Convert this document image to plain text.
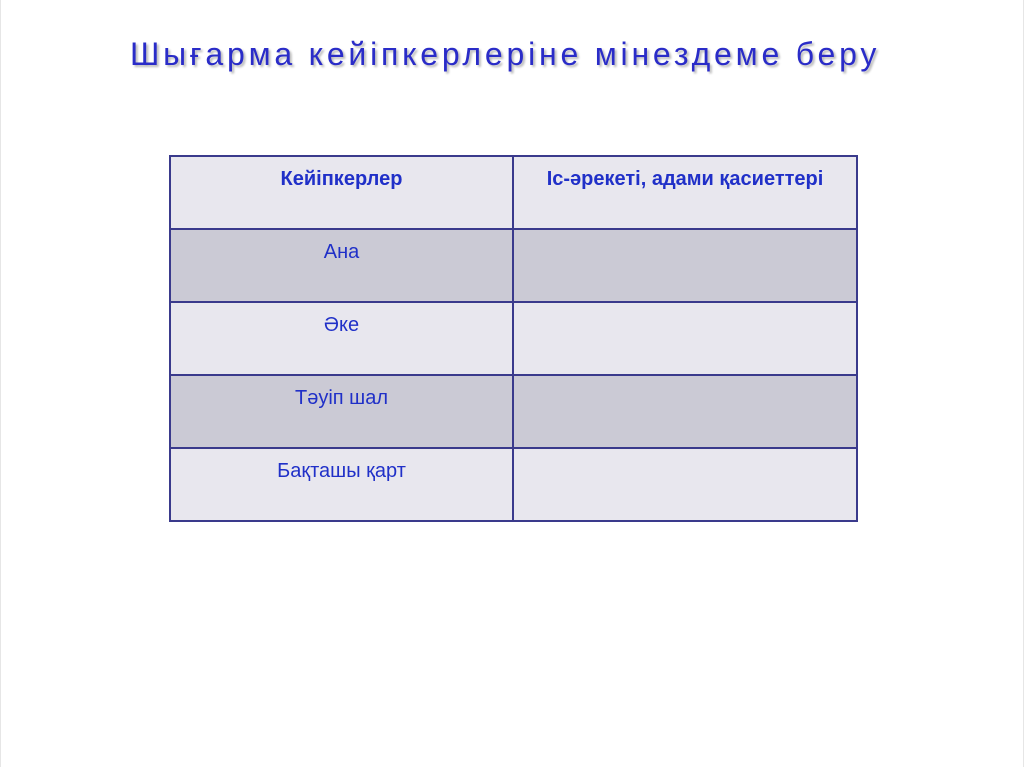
Шығарма кейіпкерлеріне мінездеме беру
Кейіпкерлер	Іс-әрекеті, адами қасиеттері
Ана	
Әке	
Тәуіп шал	
Бақташы қарт	
